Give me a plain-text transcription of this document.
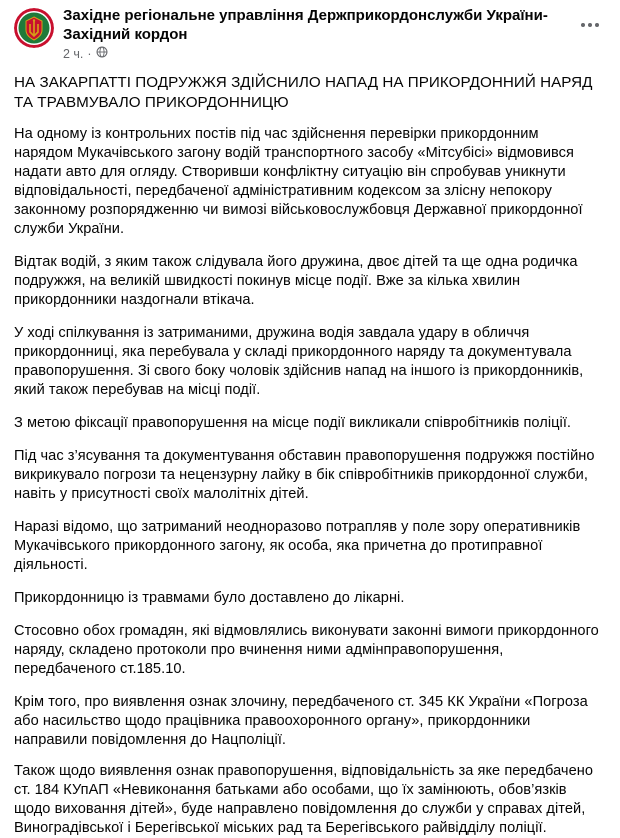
Західне регіональне управління Держприкордонслужби України-Західний кордон
2 ч. ·

НА ЗАКАРПАТТІ ПОДРУЖЖЯ ЗДІЙСНИЛО НАПАД НА ПРИКОРДОННИЙ НАРЯД ТА ТРАВМУВАЛО ПРИКОРДОННИЦЮ

На одному із контрольних постів під час здійснення перевірки прикордонним нарядом Мукачівського загону водій транспортного засобу «Мітсубісі» відмовився надати авто для огляду. Створивши конфліктну ситуацію він спробував уникнути відповідальності, передбаченої адміністративним кодексом за злісну непокору законному розпорядженню чи вимозі військовослужбовця Державної прикордонної служби України.

Відтак водій, з яким також слідувала його дружина, двоє дітей та ще одна родичка подружжя, на великій швидкості покинув місце події. Вже за кілька хвилин прикордонники наздогнали втікача.

У ході спілкування із затриманими, дружина водія завдала удару в обличчя прикордонниці, яка перебувала у складі прикордонного наряду та документувала правопорушення. Зі свого боку чоловік здійснив напад на іншого із прикордонників, який також перебував на місці події.

З метою фіксації правопорушення на місце події викликали співробітників поліції.

Під час з’ясування та документування обставин правопорушення подружжя постійно викрикувало погрози та нецензурну лайку в бік співробітників прикордонної служби, навіть у присутності своїх малолітніх дітей.

Наразі відомо, що затриманий неодноразово потрапляв у поле зору оперативників Мукачівського прикордонного загону, як особа, яка причетна до протиправної діяльності.

Прикордонницю із травмами було доставлено до лікарні.

Стосовно обох громадян, які відмовлялись виконувати законні вимоги прикордонного наряду, складено протоколи про вчинення ними адмінправопорушення, передбаченого ст.185.10.

Крім того, про виявлення ознак злочину, передбаченого ст. 345 КК України «Погроза або насильство щодо працівника правоохоронного органу», прикордонники направили повідомлення до Нацполіції.

Також щодо виявлення ознак правопорушення, відповідальність за яке передбачено ст. 184 КУпАП «Невиконання батьками або особами, що їх замінюють, обов’язків щодо виховання дітей», буде направлено повідомлення до служби у справах дітей, Виноградівської і Берегівської міських рад та Берегівського райвідділу поліції.
